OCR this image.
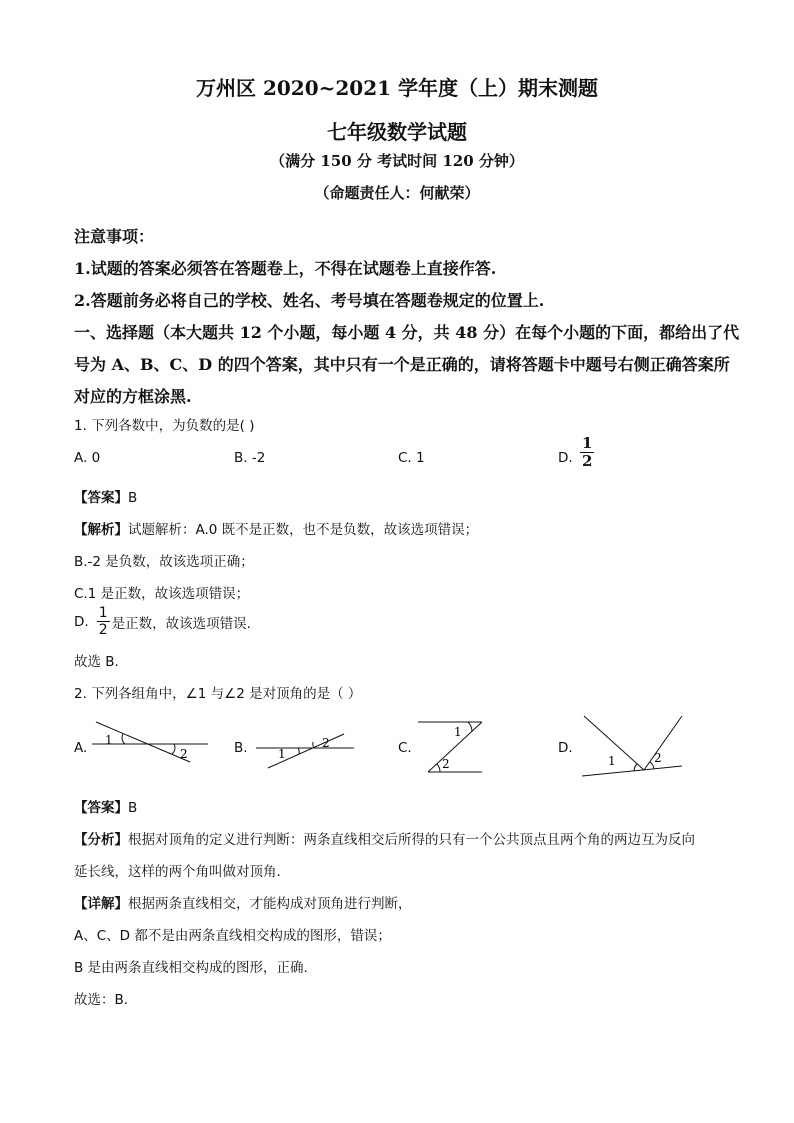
万州区 2020~2021 学年度（上）期末测题
七年级数学试题
（满分 150 分 考试时间 120 分钟）
（命题责任人：何献荣）
注意事项：
1.试题的答案必须答在答题卷上，不得在试题卷上直接作答.
2.答题前务必将自己的学校、姓名、考号填在答题卷规定的位置上.
一、选择题（本大题共 12 个小题，每小题 4 分，共 48 分）在每个小题的下面，都给出了代
号为 A、B、C、D 的四个答案，其中只有一个是正确的，请将答题卡中题号右侧正确答案所
对应的方框涂黑.
1. 下列各数中，为负数的是( )
A. 0	B. -2	C. 1	D. $\frac{1}{2}$
【答案】B
【解析】试题解析：A.0 既不是正数，也不是负数，故该选项错误；
B.-2 是负数，故该选项正确；
C.1 是正数，故该选项错误；
D. $\frac{1}{2}$ 是正数，故该选项错误.
故选 B.
2. 下列各组角中，∠1 与∠2 是对顶角的是（ ）
A. 1
2	B.	1
2	C.
1
2
D.
1	2
【答案】B
【分析】根据对顶角的定义进行判断：两条直线相交后所得的只有一个公共顶点且两个角的两边互为反向
延长线，这样的两个角叫做对顶角.
【详解】根据两条直线相交，才能构成对顶角进行判断，
A、C、D 都不是由两条直线相交构成的图形，错误；
B 是由两条直线相交构成的图形，正确.
故选：B.
